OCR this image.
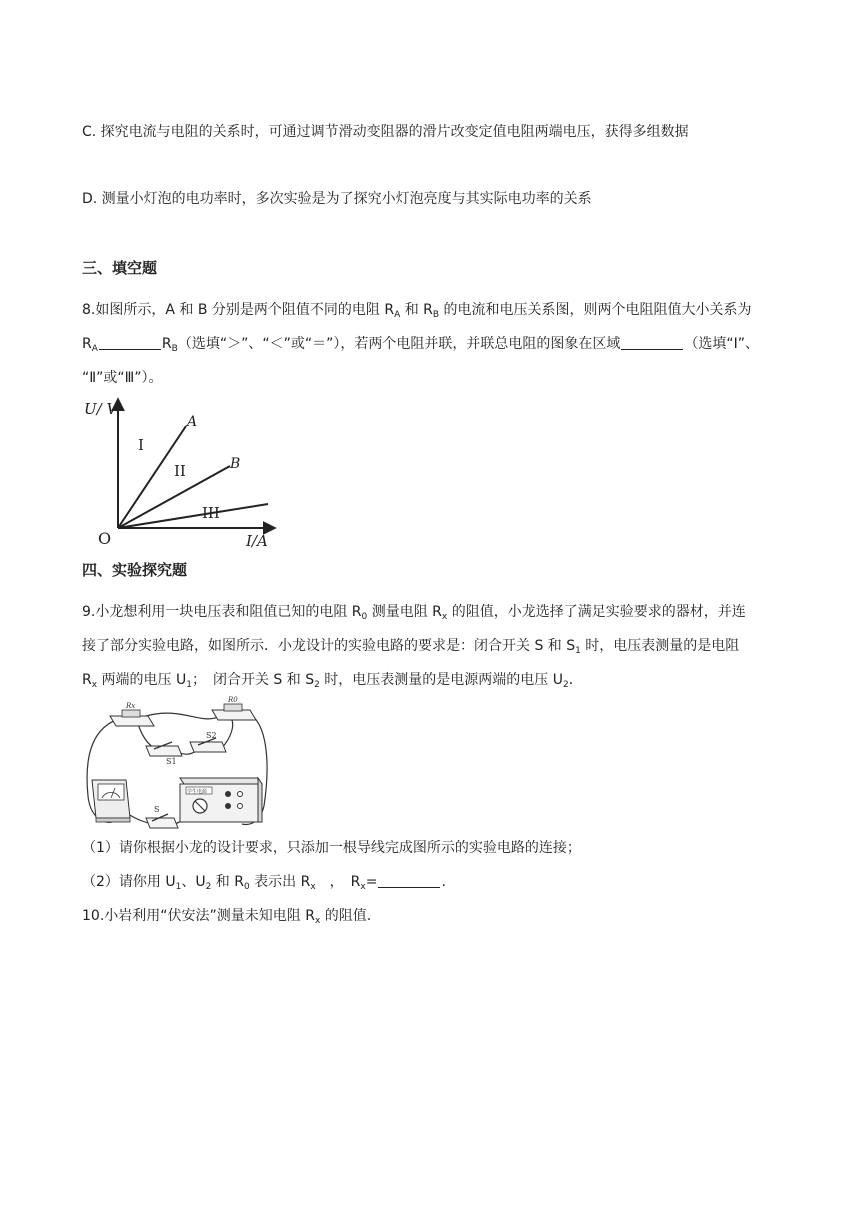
C. 探究电流与电阻的关系时，可通过调节滑动变阻器的滑片改变定值电阻两端电压，获得多组数据
D. 测量小灯泡的电功率时，多次实验是为了探究小灯泡亮度与其实际电功率的关系
三、填空题
8.如图所示，A 和 B 分别是两个阻值不同的电阻 $R_A$ 和 $R_B$ 的电流和电压关系图，则两个电阻阻值大小关系为
$R_A$	$R_B$（选填“＞”、“＜”或“＝”），若两个电阻并联，并联总电阻的图象在区域	（选填“I”、
“Ⅱ”或“Ⅲ”）。
U/ V
I/A
O
A
B
I
II
III
四、实验探究题
9.小龙想利用一块电压表和阻值已知的电阻 $R_0$ 测量电阻 $R_x$ 的阻值，小龙选择了满足实验要求的器材，并连
接了部分实验电路，如图所示．小龙设计的实验电路的要求是：闭合开关 S 和 $S_1$ 时，电压表测量的是电阻
$R_x$ 两端的电压 $U_1$；　闭合开关 S 和 $S_2$ 时，电压表测量的是电源两端的电压 $U_2$．
Rx
R0
S1
S2
S
学生电源
（1）请你根据小龙的设计要求，只添加一根导线完成图所示的实验电路的连接；
（2）请你用 $U_1$、$U_2$ 和 $R_0$ 表示出 $R_x$　，　$R_x=$	.
10.小岩利用“伏安法”测量未知电阻 $R_x$ 的阻值.
